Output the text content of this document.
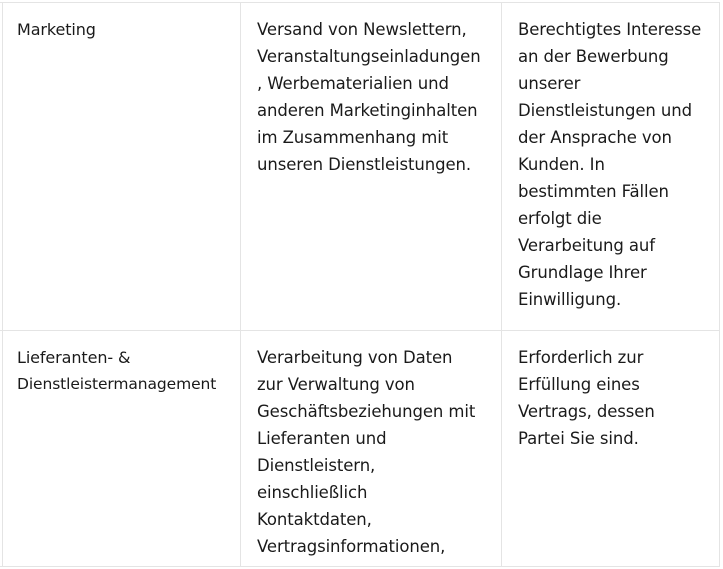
Marketing	Versand von Newslettern,
Veranstaltungseinladungen
, Werbematerialien und
anderen Marketinginhalten
im Zusammenhang mit
unseren Dienstleistungen.
Berechtigtes Interesse
an der Bewerbung
unserer
Dienstleistungen und
der Ansprache von
Kunden. In
bestimmten Fällen
erfolgt die
Verarbeitung auf
Grundlage Ihrer
Einwilligung.
Lieferanten- &
Dienstleistermanagement
Verarbeitung von Daten
zur Verwaltung von
Geschäftsbeziehungen mit
Lieferanten und
Dienstleistern,
einschließlich
Kontaktdaten,
Vertragsinformationen,
Erforderlich zur
Erfüllung eines
Vertrags, dessen
Partei Sie sind.
